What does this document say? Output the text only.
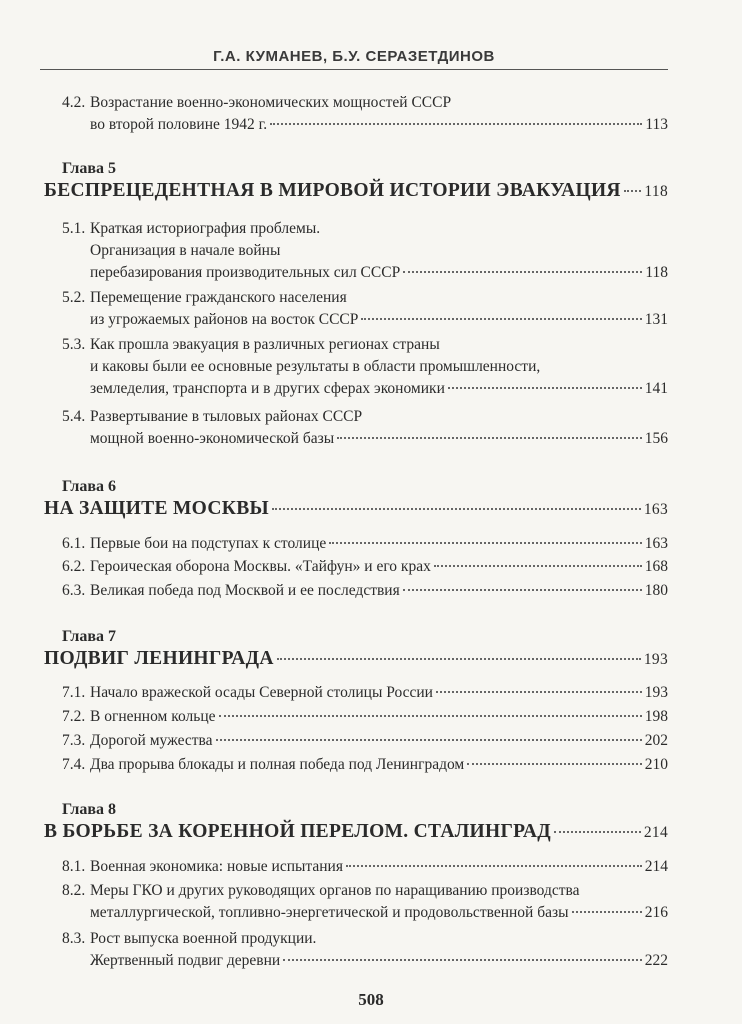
Г.А. КУМАНЕВ, Б.У. СЕРАЗЕТДИНОВ
4.2. Возрастание военно-экономических мощностей СССР
во второй половине 1942 г.	113
Глава 5
БЕСПРЕЦЕДЕНТНАЯ В МИРОВОЙ ИСТОРИИ ЭВАКУАЦИЯ 118
5.1. Краткая историография проблемы.
Организация в начале войны
перебазирования производительных сил СССР	118
5.2. Перемещение гражданского населения
из угрожаемых районов на восток СССР	131
5.3. Как прошла эвакуация в различных регионах страны
и каковы были ее основные результаты в области промышленности,
земледелия, транспорта и в других сферах экономики	141
5.4. Развертывание в тыловых районах СССР
мощной военно-экономической базы	156
Глава 6
НА ЗАЩИТЕ МОСКВЫ	163
6.1. Первые бои на подступах к столице	163
6.2. Героическая оборона Москвы. «Тайфун» и его крах	168
6.3. Великая победа под Москвой и ее последствия	180
Глава 7
ПОДВИГ ЛЕНИНГРАДА	193
7.1. Начало вражеской осады Северной столицы России	193
7.2. В огненном кольце	198
7.3. Дорогой мужества	202
7.4. Два прорыва блокады и полная победа под Ленинградом	210
Глава 8
В БОРЬБЕ ЗА КОРЕННОЙ ПЕРЕЛОМ. СТАЛИНГРАД	214
8.1. Военная экономика: новые испытания	214
8.2. Меры ГКО и других руководящих органов по наращиванию производства
металлургической, топливно-энергетической и продовольственной базы	216
8.3. Рост выпуска военной продукции.
Жертвенный подвиг деревни	222
508
